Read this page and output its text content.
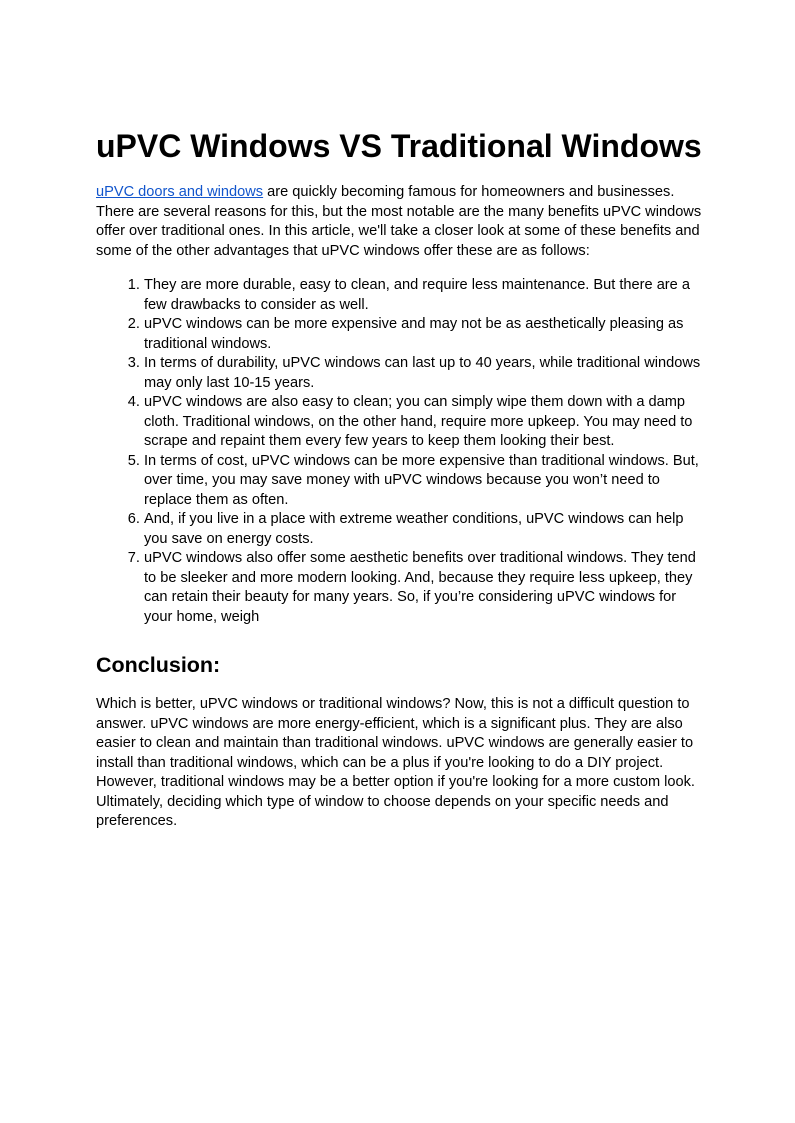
uPVC Windows VS Traditional Windows

uPVC doors and windows are quickly becoming famous for homeowners and businesses. There are several reasons for this, but the most notable are the many benefits uPVC windows offer over traditional ones. In this article, we'll take a closer look at some of these benefits and some of the other advantages that uPVC windows offer these are as follows:

1. They are more durable, easy to clean, and require less maintenance. But there are a few drawbacks to consider as well.
2. uPVC windows can be more expensive and may not be as aesthetically pleasing as traditional windows.
3. In terms of durability, uPVC windows can last up to 40 years, while traditional windows may only last 10-15 years.
4. uPVC windows are also easy to clean; you can simply wipe them down with a damp cloth. Traditional windows, on the other hand, require more upkeep. You may need to scrape and repaint them every few years to keep them looking their best.
5. In terms of cost, uPVC windows can be more expensive than traditional windows. But, over time, you may save money with uPVC windows because you won’t need to replace them as often.
6. And, if you live in a place with extreme weather conditions, uPVC windows can help you save on energy costs.
7. uPVC windows also offer some aesthetic benefits over traditional windows. They tend to be sleeker and more modern looking. And, because they require less upkeep, they can retain their beauty for many years. So, if you’re considering uPVC windows for your home, weigh
Conclusion:

Which is better, uPVC windows or traditional windows? Now, this is not a difficult question to answer. uPVC windows are more energy-efficient, which is a significant plus. They are also easier to clean and maintain than traditional windows. uPVC windows are generally easier to install than traditional windows, which can be a plus if you're looking to do a DIY project. However, traditional windows may be a better option if you're looking for a more custom look. Ultimately, deciding which type of window to choose depends on your specific needs and preferences.
